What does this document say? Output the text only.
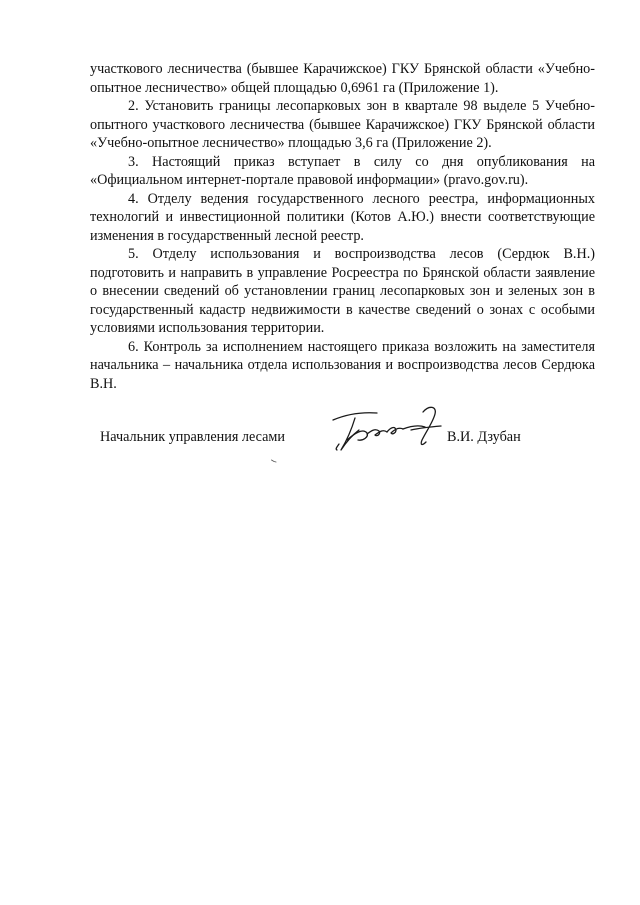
участкового лесничества (бывшее Карачижское) ГКУ Брянской области «Учебно-опытное лесничество» общей площадью 0,6961 га (Приложение 1).

2. Установить границы лесопарковых зон в квартале 98 выделе 5 Учебно-опытного участкового лесничества (бывшее Карачижское) ГКУ Брянской области «Учебно-опытное лесничество» площадью 3,6 га (Приложение 2).

3. Настоящий приказ вступает в силу со дня опубликования на «Официальном интернет-портале правовой информации» (pravo.gov.ru).

4. Отделу ведения государственного лесного реестра, информационных технологий и инвестиционной политики (Котов А.Ю.) внести соответствующие изменения в государственный лесной реестр.

5. Отделу использования и воспроизводства лесов (Сердюк В.Н.) подготовить и направить в управление Росреестра по Брянской области заявление о внесении сведений об установлении границ лесопарковых зон и зеленых зон в государственный кадастр недвижимости в качестве сведений о зонах с особыми условиями использования территории.

6. Контроль за исполнением настоящего приказа возложить на заместителя начальника – начальника отдела использования и воспроизводства лесов Сердюка В.Н.

Начальник управления лесами	В.И. Дзубан
